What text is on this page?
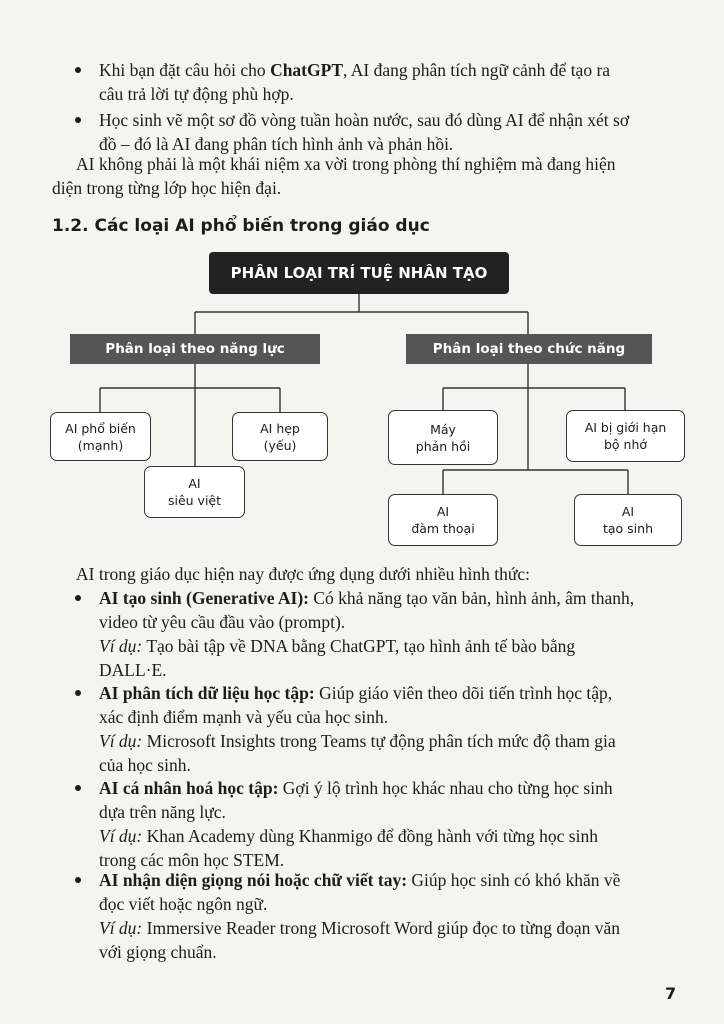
Khi bạn đặt câu hỏi cho ChatGPT, AI đang phân tích ngữ cảnh để tạo ra
câu trả lời tự động phù hợp.
Học sinh vẽ một sơ đồ vòng tuần hoàn nước, sau đó dùng AI để nhận xét sơ
đồ – đó là AI đang phân tích hình ảnh và phản hồi.
AI không phải là một khái niệm xa vời trong phòng thí nghiệm mà đang hiện
diện trong từng lớp học hiện đại.
1.2. Các loại AI phổ biến trong giáo dục
PHÂN LOẠI TRÍ TUỆ NHÂN TẠO
Phân loại theo năng lực	Phân loại theo chức năng
AI phổ biến
(mạnh)
AI hẹp
(yếu)
AI
siêu việt
Máy
phản hồi
AI bị giới hạn
bộ nhớ
AI
đàm thoại
AI
tạo sinh
AI trong giáo dục hiện nay được ứng dụng dưới nhiều hình thức:
AI tạo sinh (Generative AI): Có khả năng tạo văn bản, hình ảnh, âm thanh,
video từ yêu cầu đầu vào (prompt).
Ví dụ: Tạo bài tập về DNA bằng ChatGPT, tạo hình ảnh tế bào bằng
DALL·E.
AI phân tích dữ liệu học tập: Giúp giáo viên theo dõi tiến trình học tập,
xác định điểm mạnh và yếu của học sinh.
Ví dụ: Microsoft Insights trong Teams tự động phân tích mức độ tham gia
của học sinh.
AI cá nhân hoá học tập: Gợi ý lộ trình học khác nhau cho từng học sinh
dựa trên năng lực.
Ví dụ: Khan Academy dùng Khanmigo để đồng hành với từng học sinh
trong các môn học STEM.
AI nhận diện giọng nói hoặc chữ viết tay: Giúp học sinh có khó khăn về
đọc viết hoặc ngôn ngữ.
Ví dụ: Immersive Reader trong Microsoft Word giúp đọc to từng đoạn văn
với giọng chuẩn.
7
